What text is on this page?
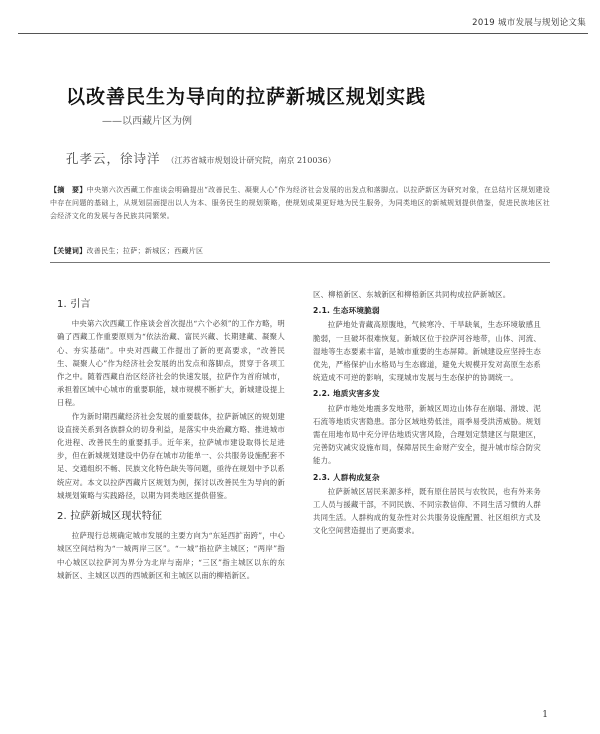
2019 城市发展与规划论文集
以改善民生为导向的拉萨新城区规划实践
——以西藏片区为例
孔孝云，徐诗洋 （江苏省城市规划设计研究院，南京 210036）
【摘　要】中央第六次西藏工作座谈会明确提出“改善民生、凝聚人心”作为经济社会发展的出发点和落脚点。以拉萨新区为研究对象，在总结片区规划建设中存在问题的基础上，从规划层面提出以人为本、服务民生的规划策略，使规划成果更好地为民生服务，为同类地区的新城规划提供借鉴，促进民族地区社会经济文化的发展与各民族共同繁荣。
【关键词】改善民生；拉萨；新城区；西藏片区
1. 引言

中央第六次西藏工作座谈会首次提出“六个必须”的工作方略，明确了西藏工作重要原则为“依法治藏、富民兴藏、长期建藏、凝聚人心、夯实基础”。中央对西藏工作提出了新的更高要求，“改善民生、凝聚人心”作为经济社会发展的出发点和落脚点，贯穿于各项工作之中。随着西藏自治区经济社会的快速发展，拉萨作为首府城市，承担着区域中心城市的重要职能，城市规模不断扩大，新城建设提上日程。

作为新时期西藏经济社会发展的重要载体，拉萨新城区的规划建设直接关系到各族群众的切身利益，是落实中央治藏方略、推进城市化进程、改善民生的重要抓手。近年来，拉萨城市建设取得长足进步，但在新城规划建设中仍存在城市功能单一、公共服务设施配套不足、交通组织不畅、民族文化特色缺失等问题，亟待在规划中予以系统应对。本文以拉萨西藏片区规划为例，探讨以改善民生为导向的新城规划策略与实践路径，以期为同类地区提供借鉴。

2. 拉萨新城区现状特征

拉萨现行总规确定城市发展的主要方向为“东延西扩南跨”，中心城区空间结构为“一城两岸三区”。“一城”指拉萨主城区；“两岸”指中心城区以拉萨河为界分为北岸与南岸；“三区”指主城区以东的东城新区、主城区以西的西城新区和主城区以南的柳梧新区。

区、柳梧新区、东城新区和柳梧新区共同构成拉萨新城区。

2.1. 生态环境脆弱

拉萨地处青藏高原腹地，气候寒冷、干旱缺氧，生态环境敏感且脆弱，一旦破坏很难恢复。新城区位于拉萨河谷地带，山体、河流、湿地等生态要素丰富，是城市重要的生态屏障。新城建设应坚持生态优先，严格保护山水格局与生态廊道，避免大规模开发对高原生态系统造成不可逆的影响，实现城市发展与生态保护的协调统一。

2.2. 地质灾害多发

拉萨市地处地震多发地带，新城区周边山体存在崩塌、滑坡、泥石流等地质灾害隐患。部分区域地势低洼，雨季易受洪涝威胁。规划需在用地布局中充分评估地质灾害风险，合理划定禁建区与限建区，完善防灾减灾设施布局，保障居民生命财产安全，提升城市综合防灾能力。

2.3. 人群构成复杂

拉萨新城区居民来源多样，既有原住居民与农牧民，也有外来务工人员与援藏干部，不同民族、不同宗教信仰、不同生活习惯的人群共同生活。人群构成的复杂性对公共服务设施配置、社区组织方式及文化空间营造提出了更高要求。

1
